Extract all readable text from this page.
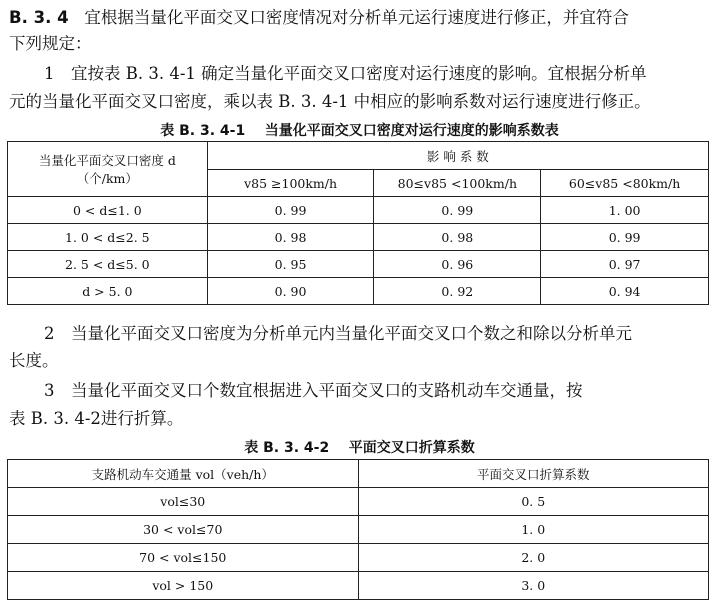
B. 3. 4 宜根据当量化平面交叉口密度情况对分析单元运行速度进行修正，并宜符合
下列规定：
1　宜按表 B. 3. 4-1 确定当量化平面交叉口密度对运行速度的影响。宜根据分析单
元的当量化平面交叉口密度，乘以表 B. 3. 4-1 中相应的影响系数对运行速度进行修正。
表 B. 3. 4-1 当量化平面交叉口密度对运行速度的影响系数表
当量化平面交叉口密度 d
（个/km）	影 响 系 数		
	v85 ≥100km/h	80≤v85 <100km/h	60≤v85 <80km/h
0 < d≤1. 0	0. 99	0. 99	1. 00
1. 0 < d≤2. 5	0. 98	0. 98	0. 99
2. 5 < d≤5. 0	0. 95	0. 96	0. 97
d > 5. 0	0. 90	0. 92	0. 94
2　当量化平面交叉口密度为分析单元内当量化平面交叉口个数之和除以分析单元
长度。
3　当量化平面交叉口个数宜根据进入平面交叉口的支路机动车交通量，按
表 B. 3. 4-2进行折算。
表 B. 3. 4-2 平面交叉口折算系数
支路机动车交通量 vol（veh/h）	平面交叉口折算系数
vol≤30	0. 5
30 < vol≤70	1. 0
70 < vol≤150	2. 0
vol > 150	3. 0
